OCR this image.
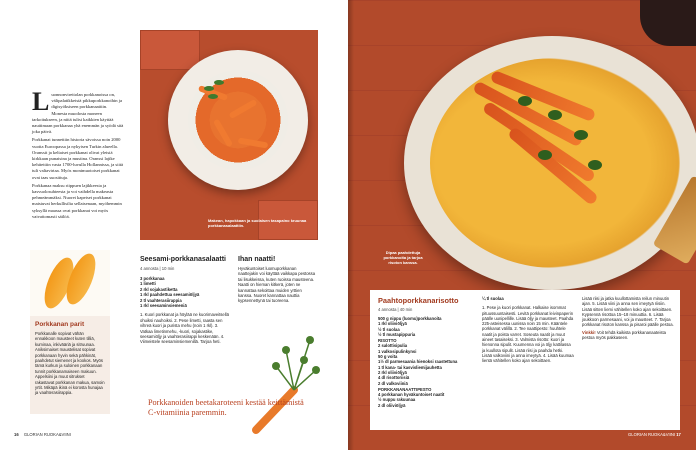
L uonnonvireitolan porkkanoissa on, välipalatikkeistä pikkuporkkanoihin ja digisyöksiseen porkkanaattiin. Monesta muodosta moneen tarkoitukseen, ja niitä tulisi kaikkien käyttää nauttimaan porkkanaa yhä enemmän ja syödä sitä joka päivä.

Porkkanat tunnettiin historia sävoissa noin 2000 vuotta Euroopassa ja nykyisen Turkin alueella. Oranssit ja keltaiset porkkanat olivat yleisiä kirkkaan punaisina ja mustina. Oranssi lajike kehitettiin vasta 1700-luvulla Hollannissa, ja siitä tuli valtavirtaa. Myös monimuotoiset porkkanat ovat taas suosittuja.

Porkkanaa maksu riippuen lajikkeesta ja kasvuolosuhteesta ja voi vaihdella makeasta pehmeämmäksi. Nuoret kapeiset porkkanat maistuvat herkullisilta sellaisenaan, myöhemmin syksyllä maassa ovat porkkanat voi myös vaivattomasti säilöä.

Makean, hapokkaan ja suolaisen tasapaino kruunaa porkkanasalaattiin.
Porkkanan parit
Porkkanalle sopivat vähän ennakkoon mausteet kuten tilliä, kuminaa, inkivääriä ja sitruunaa. Aniksimaiset maustelisat sopivat porkkanaan hyvin sekä pähkinät, paahdetut siemenet ja kookos. Myös tämä kurkun ja suloinen porkkanaan tunnit porkkanamaiseen makuun. Appelsiini ja muut sitrukset rakastavat porkkanan makua, samoin yrtit. Mikäpä ikinä ei korosta hunajaa ja vaahterasiirappia.
Seesami-porkkanasalaatti
4 annosta | 10 min
3 porkkanaa
1 limetti
2 rkl sojakastiketta
1 rkl paahdettua seesamiöljyä
2 tl vaahterasiirappia
1 rkl seesaminsiemeniä
1. Kuori porkkanat ja höylää ne kuorimaveitsellä ohuiksi nauhoiksi. 2. Pese limetti, raasta sen vihreä kuori ja purista mehu (noin 1 rkl). 3. Vatkaa limetinmehu, -kuori, sojakastike, seesamiöljy ja vaahterasiirappi keskenään. 4. Viimeistele seesaminsiemenillä. Tarjoa heti.
Ihan naatti!
Hyväkuntoiset luomuporkkanan naattejakin voi käyttää vaikkapa pestossa tai lisukkeissa, kuten ruoissa mausteena. Naatti on hieman kitkerä, joten ne kannattaa sekoittaa muiden yrttien kanssa. Nuoret kannattaa nauttia kypsennettynä tai tuoreena.
Porkkanoiden beetakaroteeni kestää keittämistä C-vitamiinia paremmin.
16 GLORIAN RUOKA&VIINI
Dipaa paahdettuja porkkanoita ja tarjoa risoton kanssa.
Paahtoporkkanarisotto
4 annosta | 40 min
500 g nippu (luomu)porkkanoita
1 rkl oliiviöljyä
½ tl suolaa
½ tl mustapippuria
RISOTTO
2 salottisipulia
1 valkosipulinkynsi
50 g voita
1½ dl parmesaania hienoksi raastettuna
1 tl kana- tai kasvisliemijauhetta
2 rkl oliiviöljyä
4 dl risottoriisiä
2 dl valkoviiniä
PORKKANANAATTIPESTO
4 porkkanan hyväkuntoiset naatit
½ nuppu rakuunaa
2 dl oliiviöljyä
¼ tl suolaa
1. Pese ja kuori porkkanat. Halkaise isommat pituussuuntaisesti. Levitä porkkanat leivinpaperin päälle uunipellille. Lisää öljy ja mausteet. Paahda 225-asteisessa uunissa noin 15 min. Kääntele porkkanat välillä. 2. Tee naattipesto: huuhtele naatit ja poista varret. Soseuta naatit ja muut aineet tasaiseksi. 3. Valmista risotto: kuori ja hienonna sipulit. Kuumenna voi ja öljy kattilassa ja kuullota sipulit. Lisää riisi ja paahda hetki. Lisää valkoviini ja anna imeytyä. 4. Lisää kuumaa lientä vähitellen koko ajan sekoittaen.
Lisää riisi ja jatka kuullottamista reilun minuutin ajan. 5. Lisää viini ja anna sen imeytyä riisiin. Lisää sitten liemi vähitellen koko ajan sekoittaen. Kypsennä risottoa 15–18 minuuttia. 6. Lisää joukkoon parmesaani, voi ja mausteet. 7. Tarjoa porkkanat risoton kanssa ja pisaroi päälle pestoa.
Vinkki! Voit tehdä kaikista porkkananaateista pestoa myös pakkaseen.
GLORIAN RUOKA&VIINI 17
